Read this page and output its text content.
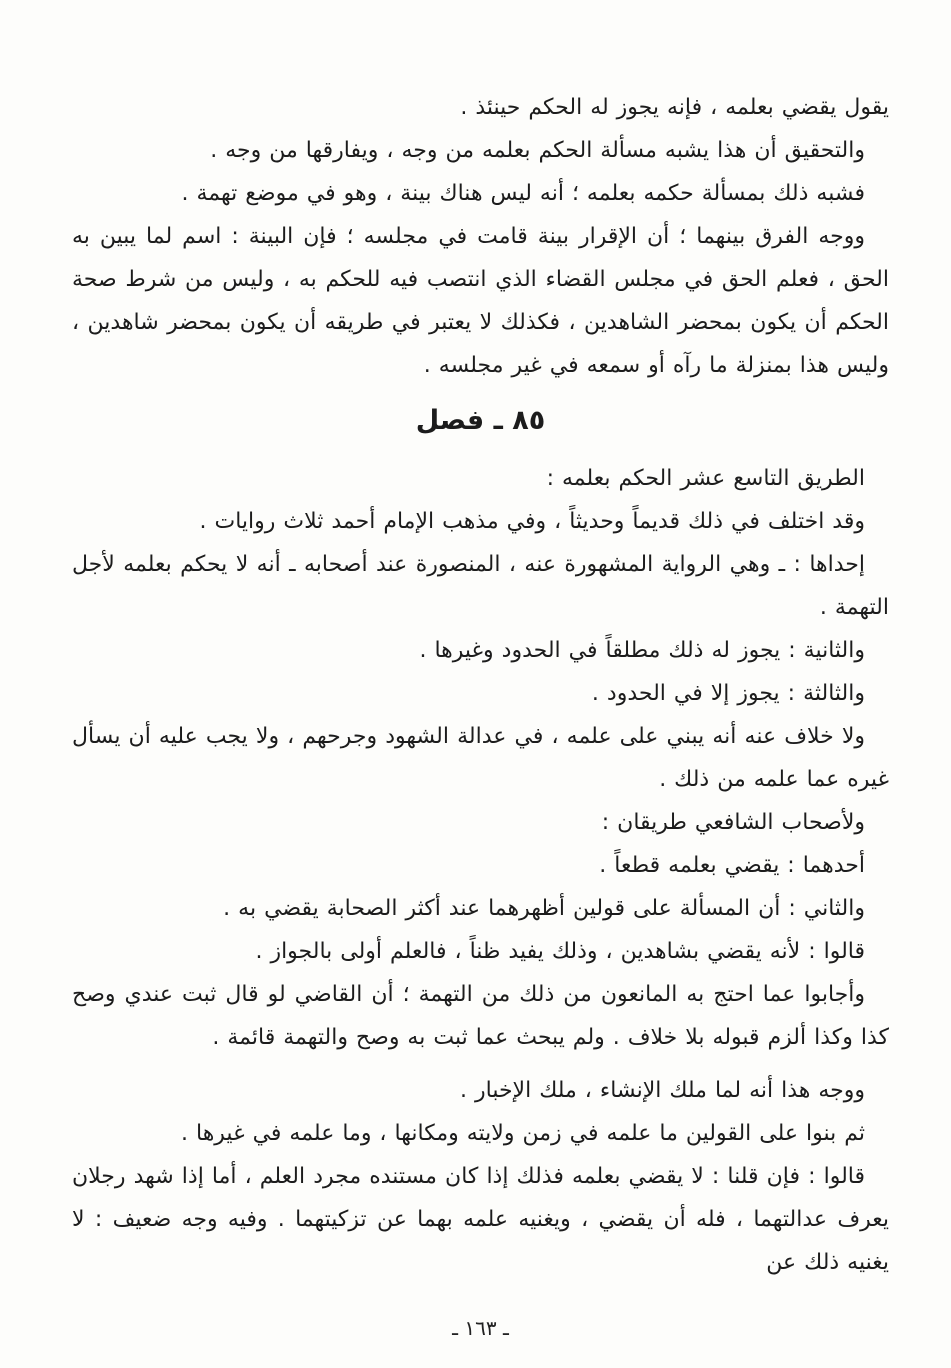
يقول يقضي بعلمه ، فإنه يجوز له الحكم حينئذ .

والتحقيق أن هذا يشبه مسألة الحكم بعلمه من وجه ، ويفارقها من وجه .

فشبه ذلك بمسألة حكمه بعلمه ؛ أنه ليس هناك بينة ، وهو في موضع تهمة .

ووجه الفرق بينهما ؛ أن الإقرار بينة قامت في مجلسه ؛ فإن البينة : اسم لما يبين به الحق ، فعلم الحق في مجلس القضاء الذي انتصب فيه للحكم به ، وليس من شرط صحة الحكم أن يكون بمحضر الشاهدين ، فكذلك لا يعتبر في طريقه أن يكون بمحضر شاهدين ، وليس هذا بمنزلة ما رآه أو سمعه في غير مجلسه .

٨٥ ـ فصل

الطريق التاسع عشر الحكم بعلمه :

وقد اختلف في ذلك قديماً وحديثاً ، وفي مذهب الإمام أحمد ثلاث روايات .

إحداها : ـ وهي الرواية المشهورة عنه ، المنصورة عند أصحابه ـ أنه لا يحكم بعلمه لأجل التهمة .

والثانية : يجوز له ذلك مطلقاً في الحدود وغيرها .

والثالثة : يجوز إلا في الحدود .

ولا خلاف عنه أنه يبني على علمه ، في عدالة الشهود وجرحهم ، ولا يجب عليه أن يسأل غيره عما علمه من ذلك .

ولأصحاب الشافعي طريقان :

أحدهما : يقضي بعلمه قطعاً .

والثاني : أن المسألة على قولين أظهرهما عند أكثر الصحابة يقضي به .

قالوا : لأنه يقضي بشاهدين ، وذلك يفيد ظناً ، فالعلم أولى بالجواز .

وأجابوا عما احتج به المانعون من ذلك من التهمة ؛ أن القاضي لو قال ثبت عندي وصح كذا وكذا ألزم قبوله بلا خلاف . ولم يبحث عما ثبت به وصح والتهمة قائمة .

ووجه هذا أنه لما ملك الإنشاء ، ملك الإخبار .

ثم بنوا على القولين ما علمه في زمن ولايته ومكانها ، وما علمه في غيرها .

قالوا : فإن قلنا : لا يقضي بعلمه فذلك إذا كان مستنده مجرد العلم ، أما إذا شهد رجلان يعرف عدالتهما ، فله أن يقضي ، ويغنيه علمه بهما عن تزكيتهما . وفيه وجه ضعيف : لا يغنيه ذلك عن

ـ ١٦٣ ـ
